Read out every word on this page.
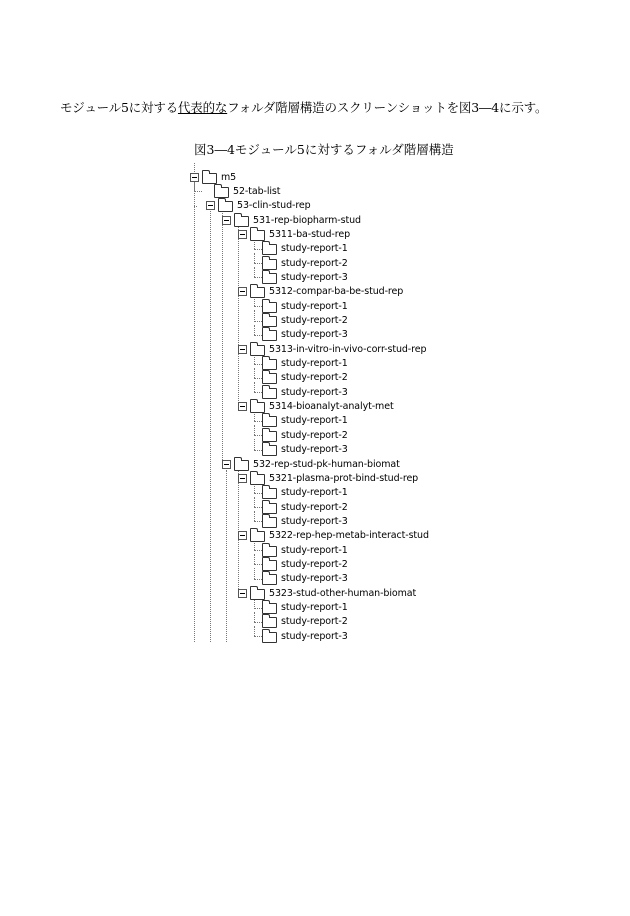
モジュール5に対する代表的なフォルダ階層構造のスクリーンショットを図3―4に示す。
図3―4モジュール5に対するフォルダ階層構造
m5
52-tab-list
53-clin-stud-rep
531-rep-biopharm-stud
5311-ba-stud-rep
study-report-1
study-report-2
study-report-3
5312-compar-ba-be-stud-rep
study-report-1
study-report-2
study-report-3
5313-in-vitro-in-vivo-corr-stud-rep
study-report-1
study-report-2
study-report-3
5314-bioanalyt-analyt-met
study-report-1
study-report-2
study-report-3
532-rep-stud-pk-human-biomat
5321-plasma-prot-bind-stud-rep
study-report-1
study-report-2
study-report-3
5322-rep-hep-metab-interact-stud
study-report-1
study-report-2
study-report-3
5323-stud-other-human-biomat
study-report-1
study-report-2
study-report-3
